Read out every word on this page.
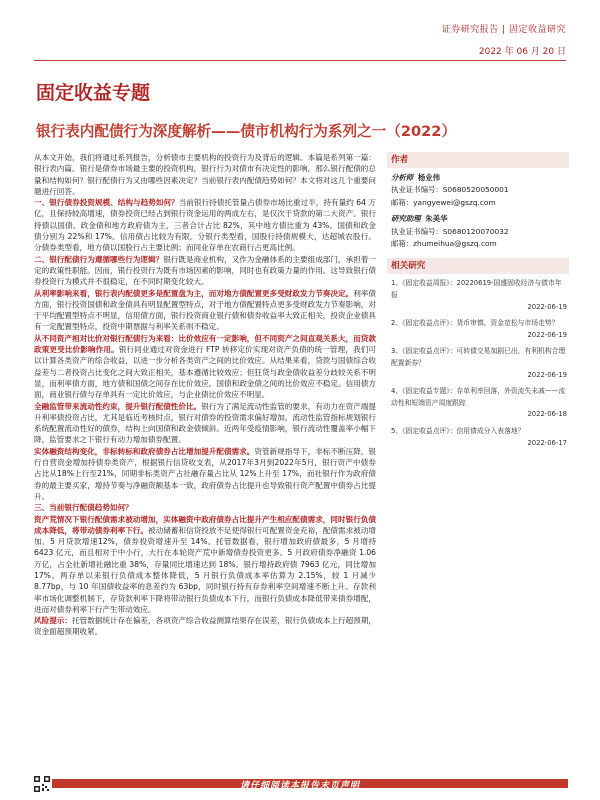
证券研究报告 | 固定收益研究
2022 年 06 月 20 日
固定收益专题
银行表内配债行为深度解析——债市机构行为系列之一（2022）

从本文开始，我们将通过系列报告，分析债市主要机构的投资行为及背后的逻辑。本篇是系列第一篇：银行表内篇。银行是债券市场最主要的投资机构，银行行为对债市有决定性的影响，那么银行配债的总量和结构如何？银行配债行为又由哪些因素决定？当前银行表内配债趋势如何？本文将对这几个重要问题进行回答。

一、银行债券投资规模、结构与趋势如何？当前银行持债托管量占债券市场比重过半，持有量约 64 万亿，且保持较高增速，债券投资已经占到银行资金运用的两成左右，是仅次于贷款的第二大资产。银行持债以国债、政金债和地方政府债为主，三者合计占比 82%，其中地方债比重为 43%。国债和政金债分别为 22%和 17%。信用债占比较为有限。分银行类型看，国股行持债规模大，达超城农股行。分债券类型看，地方债以国股行占主要比例；而同业存单在农商行占更高比例。

二、银行配债行为遵循哪些行为逻辑？银行既是商业机构，又作为金融体系的主要组成部门，承担着一定的政策性职能。因而，银行投资行为既有市场因素的影响，同时也有政策力量的作用。这导致银行债券投资行为模式并不很稳定，在不同时期变化较大。

从利率影响来看，银行表内配债更多是配置盘为主，而对地方债配置更多受财政发力节奏决定。利率债方面，银行投资国债和政金债具有明显配置型特点，对于地方债配置特点更多受财政发力节奏影响，对于平均配置型特点不明显，信用债方面，银行投资商业银行债和债券收益率大致正相关，投资企业债具有一定配置型特点，投资中期票据与利率关系则不稳定。

从不同资产相对比价对银行配债行为来看：比价效应有一定影响，但不同资产之间直观关系大，而贷款政策更受比价影响作用。银行同业通过对资金进行 FTP 转移定价实现对资产负债的统一管理，我们可以计算各类资产的综合收益，以进一步分析各类资产之间的比价效应。从结果来看，贷款与国债综合收益差与二者投资占比变化之间大致正相关，基本遵循比较效应；但狂贷与政金债收益差分歧较关系不明显，而利率债方面，地方债和国债之间存在比价效应。国债和政金债之间的比价效应不稳定。信用债方面，商业银行债与存单具有一定比价效应，与企业债比价效应不明显。

全融监管带来流动性约束，提升银行配债性价比。银行为了满足流动性监管的要求，有动力在资产端提升利率债投资占比，尤其是临近考核时点，银行对债券的投资需求偏好增加，流动性监管指标规划银行系统配置流动性好的债券，结构上向国债和政金债倾斜。近两年受疫情影响，银行流动性覆盖率小幅下降，监管要求之下银行有动力增加债券配置。

实体融资结构变化，非标转标和政府债券占比增加提升配债需求。资管新规指导下，非标不断压降，银行自营资金增加持债券类资产，根据银行信贷收支表，从2017年3月到2022年5月，银行资产中债券占比从18%上行至21%，同期非标类资产占社融存量占比从 12%上升至 17%，而社银行作为政府债券的最主要买家，增持节奏与净融资额基本一致，政府债券占比提升也导致银行资产配置中债券占比提升。

三、当前银行配债趋势如何？

资产荒情况下银行配债需求被动增加，实体融资中政府债券占比提升产生相应配债需求，同时银行负债成本降低，将带动债券利率下行。被动储蓄和信贷投放不足使得银行可配置资金充裕，配债需求被动增加。5 月贷款增速12%，债券投资增速升至 14%。托管数据看，银行增加政府债最多，5 月增持 6423 亿元，而且相对于中小行，大行在本轮资产荒中新增债券投资更多。5 月政府债券净融资 1.06 万亿，占全社新增社融比重 38%，存量同比增速达到 18%。银行增持政府债 7963 亿元，同比增加 17%。两存单以来银行负债成本整体降低，5 月银行负债成本率估算为 2.15%，较 1 月减少8.77bp，与 10 年国债收益率的息差约为 63bp，同时银行持有存券利率空间增速不断上升。存款利率市场化调整机制下，存贷款利率下降将带动银行负债成本下行，而银行负债成本降低带来债券增配，进而对债券利率下行产生带动效应。

风险提示：托管数据统计存在偏差，各项资产综合收益测算结果存在误差，银行负债成本上行超预期，资金面超预期收紧。

作者
分析师 杨业伟
执业证书编号：S0680520050001
邮箱：yangyewei@gszq.com
研究助理 朱美华
执业证书编号：S0680120070032
邮箱：zhumeihua@gszq.com
相关研究
1、《固定收益周报》：20220619-国盛固收经济与债市年报
2022-06-19
2、《固定收益点评》：货币审慎、资金宽松与市场走势？
2022-06-19
3、《固定收益点评》：可转债交易加剧已出，有利机构合理配置新券？
2022-06-19
4、《固定收益专题》：存单利率回落，外资流失未减——流动性和短端资产周度跟踪
2022-06-18
5、《固定收益点评》：信用债成分入表落地？
2022-06-17
请仔细阅读本报告末页声明
